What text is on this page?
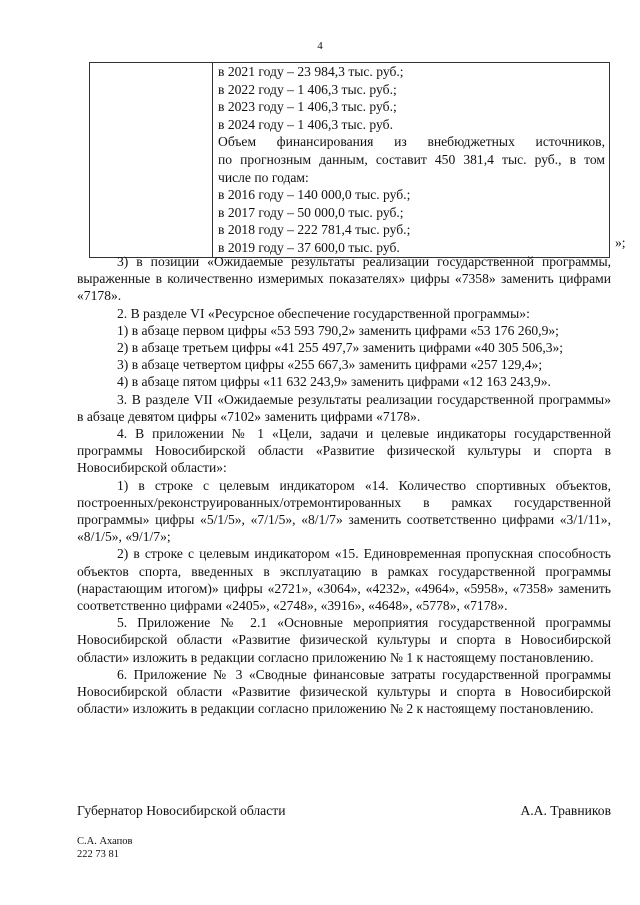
4

в 2021 году – 23 984,3 тыс. руб.;
в 2022 году – 1 406,3 тыс. руб.;
в 2023 году – 1 406,3 тыс. руб.;
в 2024 году – 1 406,3 тыс. руб.
Объем финансирования из внебюджетных источников,
по прогнозным данным, составит 450 381,4 тыс. руб., в том
числе по годам:
в 2016 году – 140 000,0 тыс. руб.;
в 2017 году – 50 000,0 тыс. руб.;
в 2018 году – 222 781,4 тыс. руб.;
в 2019 году – 37 600,0 тыс. руб.	»;

3) в позиции «Ожидаемые результаты реализации государственной программы, выраженные в количественно измеримых показателях» цифры «7358» заменить цифрами «7178».

2. В разделе VI «Ресурсное обеспечение государственной программы»:

1) в абзаце первом цифры «53 593 790,2» заменить цифрами «53 176 260,9»;

2) в абзаце третьем цифры «41 255 497,7» заменить цифрами «40 305 506,3»;

3) в абзаце четвертом цифры «255 667,3» заменить цифрами «257 129,4»;

4) в абзаце пятом цифры «11 632 243,9» заменить цифрами «12 163 243,9».

3. В разделе VII «Ожидаемые результаты реализации государственной программы» в абзаце девятом цифры «7102» заменить цифрами «7178».

4. В приложении № 1 «Цели, задачи и целевые индикаторы государственной программы Новосибирской области «Развитие физической культуры и спорта в Новосибирской области»:

1) в строке с целевым индикатором «14. Количество спортивных объектов, построенных/реконструированных/отремонтированных в рамках государственной программы» цифры «5/1/5», «7/1/5», «8/1/7» заменить соответственно цифрами «3/1/11», «8/1/5», «9/1/7»;

2) в строке с целевым индикатором «15. Единовременная пропускная способность объектов спорта, введенных в эксплуатацию в рамках государственной программы (нарастающим итогом)» цифры «2721», «3064», «4232», «4964», «5958», «7358» заменить соответственно цифрами «2405», «2748», «3916», «4648», «5778», «7178».

5. Приложение № 2.1 «Основные мероприятия государственной программы Новосибирской области «Развитие физической культуры и спорта в Новосибирской области» изложить в редакции согласно приложению № 1 к настоящему постановлению.

6. Приложение № 3 «Сводные финансовые затраты государственной программы Новосибирской области «Развитие физической культуры и спорта в Новосибирской области» изложить в редакции согласно приложению № 2 к настоящему постановлению.

Губернатор Новосибирской области	А.А. Травников
С.А. Ахапов
222 73 81
